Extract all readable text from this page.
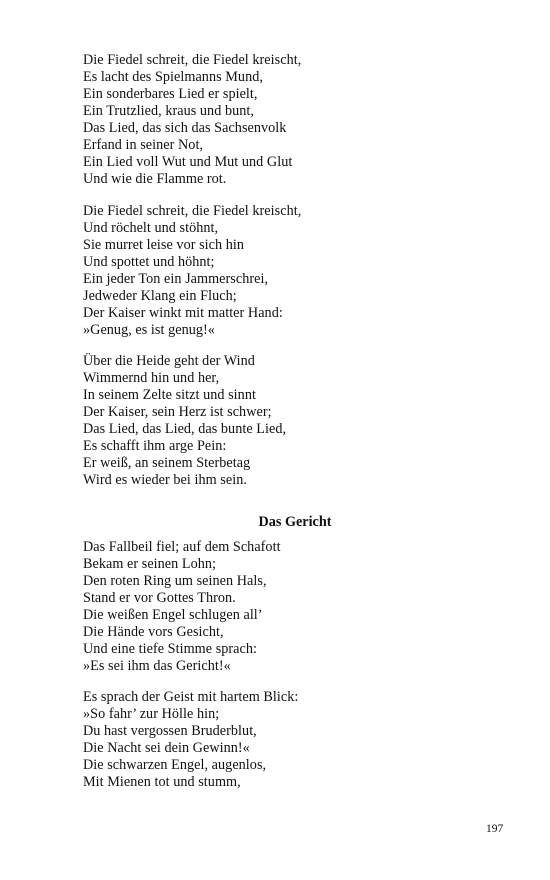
Die Fiedel schreit, die Fiedel kreischt,
Es lacht des Spielmanns Mund,
Ein sonderbares Lied er spielt,
Ein Trutzlied, kraus und bunt,
Das Lied, das sich das Sachsenvolk
Erfand in seiner Not,
Ein Lied voll Wut und Mut und Glut
Und wie die Flamme rot.
Die Fiedel schreit, die Fiedel kreischt,
Und röchelt und stöhnt,
Sie murret leise vor sich hin
Und spottet und höhnt;
Ein jeder Ton ein Jammerschrei,
Jedweder Klang ein Fluch;
Der Kaiser winkt mit matter Hand:
»Genug, es ist genug!«
Über die Heide geht der Wind
Wimmernd hin und her,
In seinem Zelte sitzt und sinnt
Der Kaiser, sein Herz ist schwer;
Das Lied, das Lied, das bunte Lied,
Es schafft ihm arge Pein:
Er weiß, an seinem Sterbetag
Wird es wieder bei ihm sein.
Das Gericht
Das Fallbeil fiel; auf dem Schafott
Bekam er seinen Lohn;
Den roten Ring um seinen Hals,
Stand er vor Gottes Thron.
Die weißen Engel schlugen all’
Die Hände vors Gesicht,
Und eine tiefe Stimme sprach:
»Es sei ihm das Gericht!«
Es sprach der Geist mit hartem Blick:
»So fahr’ zur Hölle hin;
Du hast vergossen Bruderblut,
Die Nacht sei dein Gewinn!«
Die schwarzen Engel, augenlos,
Mit Mienen tot und stumm,
197
